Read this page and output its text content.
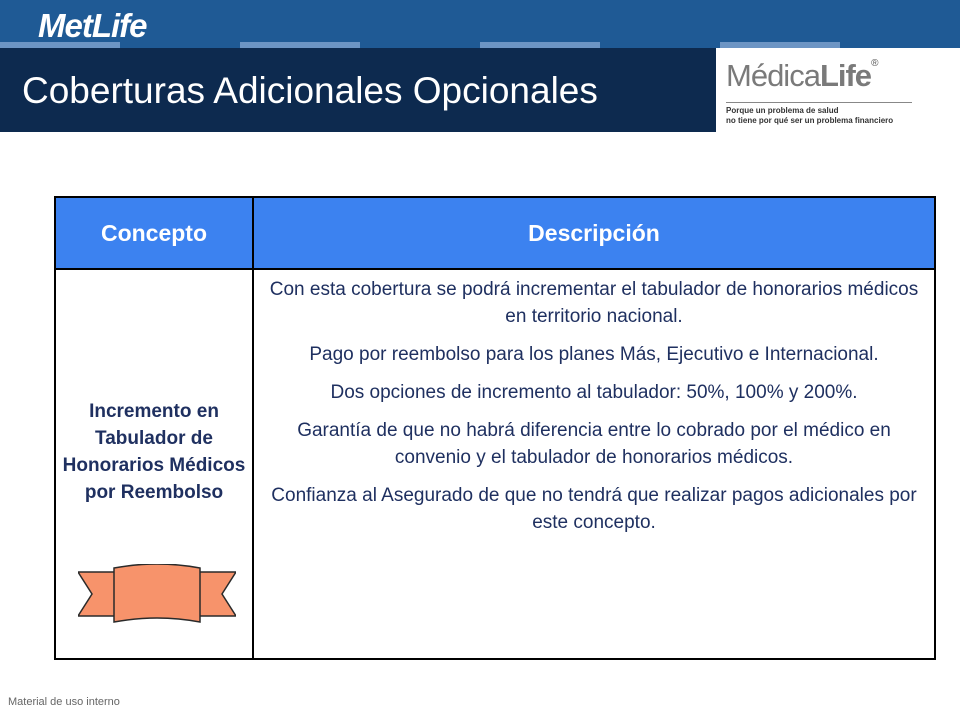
MetLife
Coberturas Adicionales Opcionales	MédicaLife®
Porque un problema de salud
no tiene por qué ser un problema financiero
Concepto	Descripción

Incremento en Tabulador de Honorarios Médicos por Reembolso	Con esta cobertura se podrá incrementar el tabulador de honorarios médicos en territorio nacional.

Pago por reembolso para los planes Más, Ejecutivo e Internacional.

Dos opciones de incremento al tabulador: 50%, 100% y 200%.

Garantía de que no habrá diferencia entre lo cobrado por el médico en convenio y el tabulador de honorarios médicos.

Confianza al Asegurado de que no tendrá que realizar pagos adicionales por este concepto.

Material de uso interno
